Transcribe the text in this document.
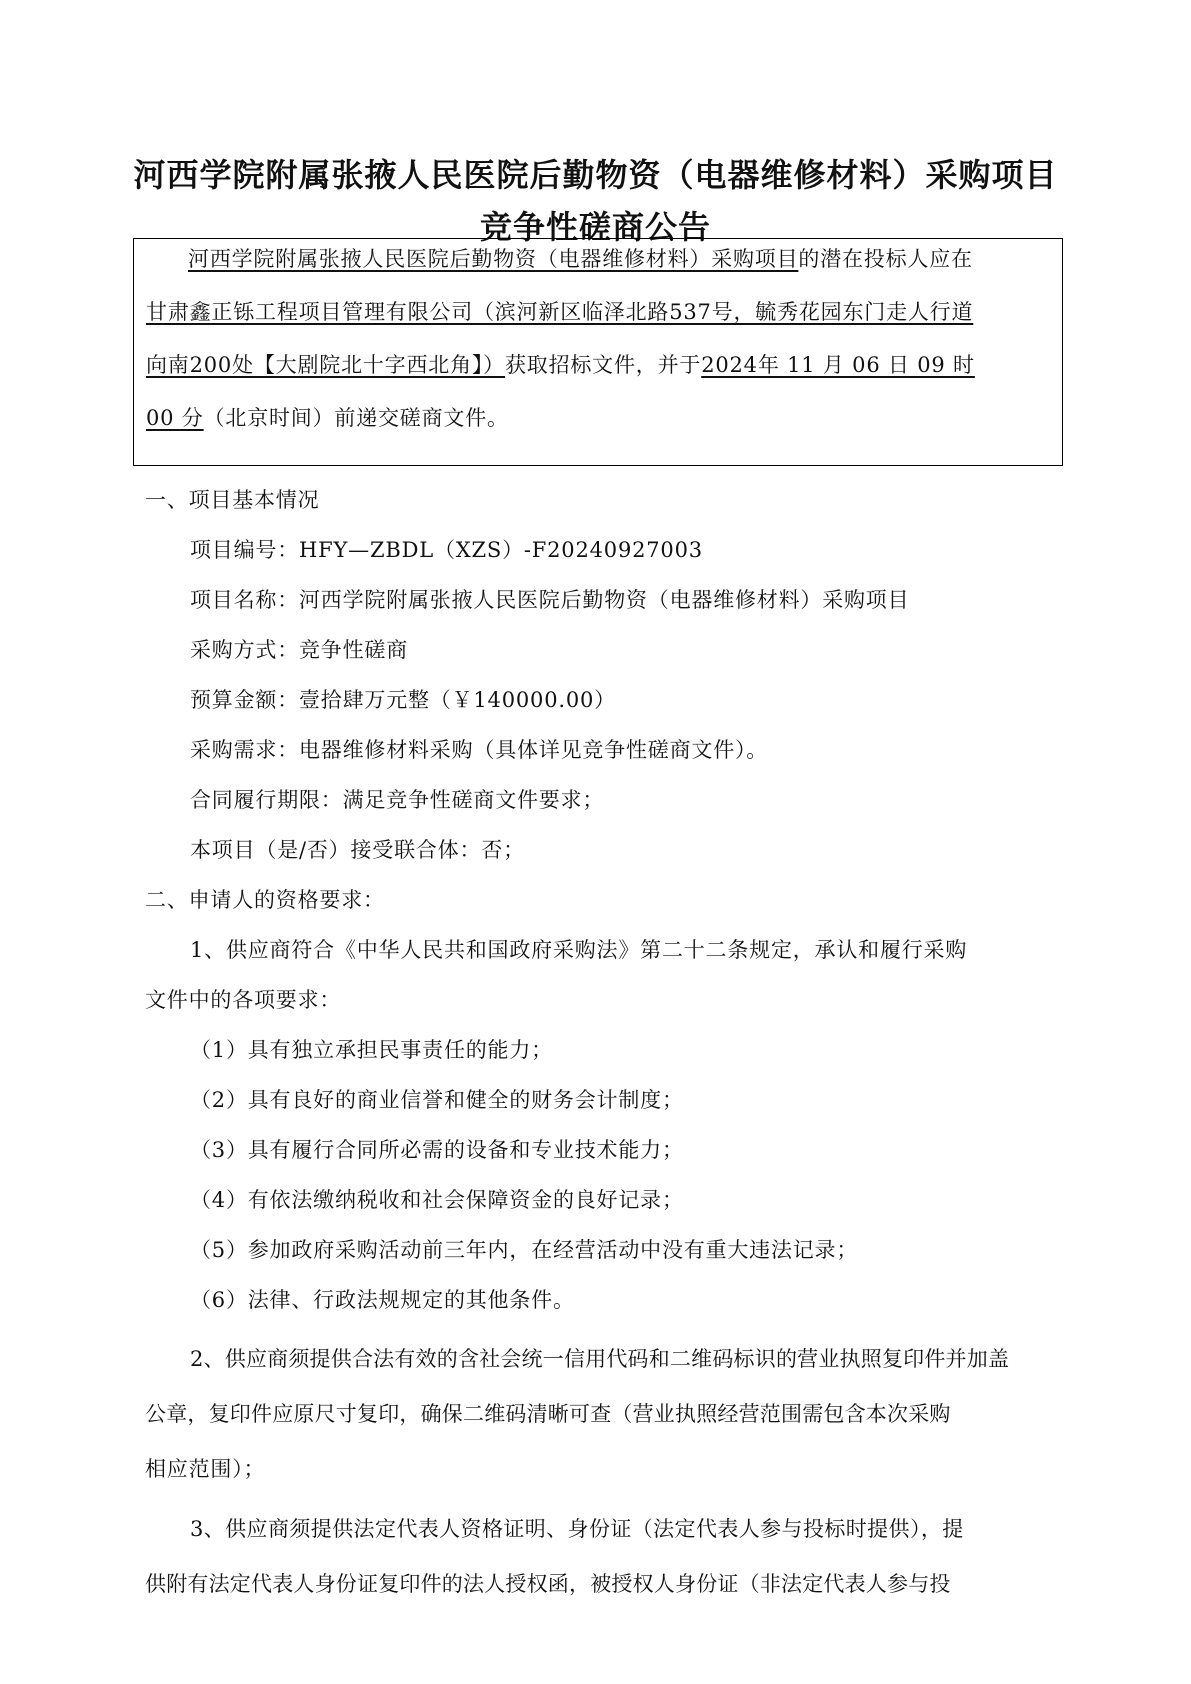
河西学院附属张掖人民医院后勤物资（电器维修材料）采购项目
竞争性磋商公告

河西学院附属张掖人民医院后勤物资（电器维修材料）采购项目的潜在投标人应在

甘肃鑫正铄工程项目管理有限公司（滨河新区临泽北路537号，毓秀花园东门走人行道

向南200处【大剧院北十字西北角】）获取招标文件，并于2024年 11 月 06 日 09 时

00 分（北京时间）前递交磋商文件。

一、项目基本情况

项目编号：HFY—ZBDL（XZS）-F20240927003

项目名称：河西学院附属张掖人民医院后勤物资（电器维修材料）采购项目

采购方式：竞争性磋商

预算金额：壹拾肆万元整（￥140000.00）

采购需求：电器维修材料采购（具体详见竞争性磋商文件）。

合同履行期限：满足竞争性磋商文件要求；

本项目（是/否）接受联合体：否；

二、申请人的资格要求：

1、供应商符合《中华人民共和国政府采购法》第二十二条规定，承认和履行采购

文件中的各项要求：

（1）具有独立承担民事责任的能力；

（2）具有良好的商业信誉和健全的财务会计制度；

（3）具有履行合同所必需的设备和专业技术能力；

（4）有依法缴纳税收和社会保障资金的良好记录；

（5）参加政府采购活动前三年内，在经营活动中没有重大违法记录；

（6）法律、行政法规规定的其他条件。

2、供应商须提供合法有效的含社会统一信用代码和二维码标识的营业执照复印件并加盖

公章，复印件应原尺寸复印，确保二维码清晰可查（营业执照经营范围需包含本次采购

相应范围）；

3、供应商须提供法定代表人资格证明、身份证（法定代表人参与投标时提供），提

供附有法定代表人身份证复印件的法人授权函，被授权人身份证（非法定代表人参与投
